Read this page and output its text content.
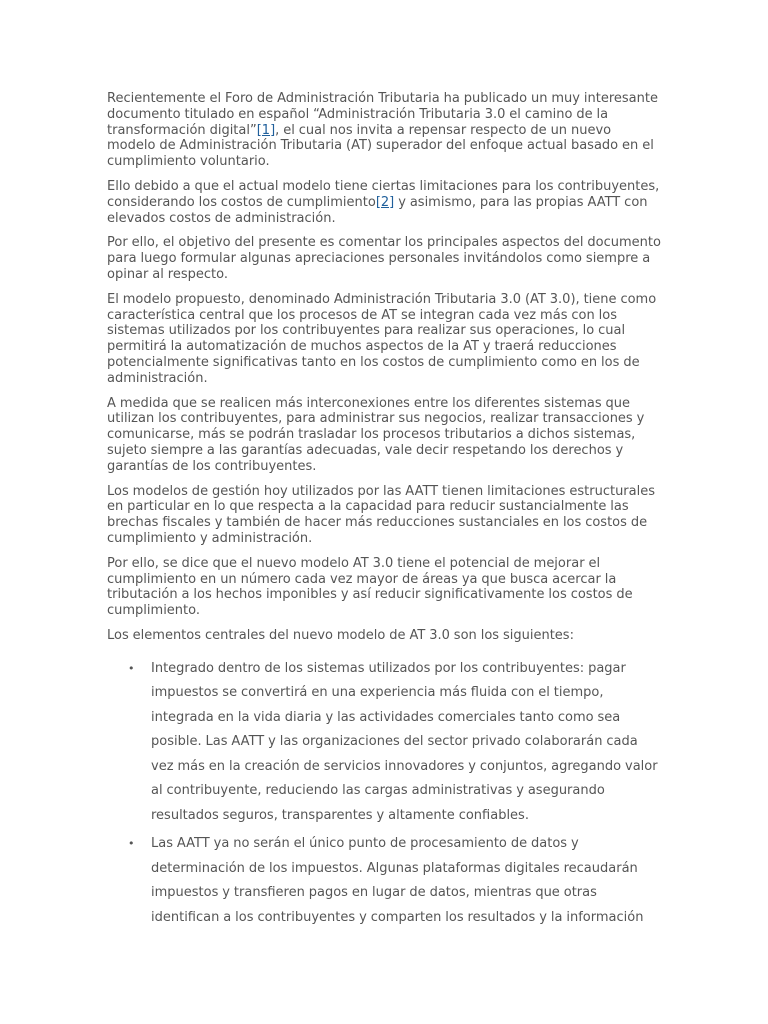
Recientemente el Foro de Administración Tributaria ha publicado un muy interesante documento titulado en español “Administración Tributaria 3.0 el camino de la transformación digital”[1], el cual nos invita a repensar respecto de un nuevo modelo de Administración Tributaria (AT) superador del enfoque actual basado en el cumplimiento voluntario.

Ello debido a que el actual modelo tiene ciertas limitaciones para los contribuyentes, considerando los costos de cumplimiento[2] y asimismo, para las propias AATT con elevados costos de administración.

Por ello, el objetivo del presente es comentar los principales aspectos del documento para luego formular algunas apreciaciones personales invitándolos como siempre a opinar al respecto.

El modelo propuesto, denominado Administración Tributaria 3.0 (AT 3.0), tiene como característica central que los procesos de AT se integran cada vez más con los sistemas utilizados por los contribuyentes para realizar sus operaciones, lo cual permitirá la automatización de muchos aspectos de la AT y traerá reducciones potencialmente significativas tanto en los costos de cumplimiento como en los de administración.

A medida que se realicen más interconexiones entre los diferentes sistemas que utilizan los contribuyentes, para administrar sus negocios, realizar transacciones y comunicarse, más se podrán trasladar los procesos tributarios a dichos sistemas, sujeto siempre a las garantías adecuadas, vale decir respetando los derechos y garantías de los contribuyentes.

Los modelos de gestión hoy utilizados por las AATT tienen limitaciones estructurales en particular en lo que respecta a la capacidad para reducir sustancialmente las brechas fiscales y también de hacer más reducciones sustanciales en los costos de cumplimiento y administración.

Por ello, se dice que el nuevo modelo AT 3.0 tiene el potencial de mejorar el cumplimiento en un número cada vez mayor de áreas ya que busca acercar la tributación a los hechos imponibles y así reducir significativamente los costos de cumplimiento.

Los elementos centrales del nuevo modelo de AT 3.0 son los siguientes:

• Integrado dentro de los sistemas utilizados por los contribuyentes: pagar impuestos se convertirá en una experiencia más fluida con el tiempo, integrada en la vida diaria y las actividades comerciales tanto como sea posible. Las AATT y las organizaciones del sector privado colaborarán cada vez más en la creación de servicios innovadores y conjuntos, agregando valor al contribuyente, reduciendo las cargas administrativas y asegurando resultados seguros, transparentes y altamente confiables.
• Las AATT ya no serán el único punto de procesamiento de datos y determinación de los impuestos. Algunas plataformas digitales recaudarán impuestos y transfieren pagos en lugar de datos, mientras que otras identifican a los contribuyentes y comparten los resultados y la información
